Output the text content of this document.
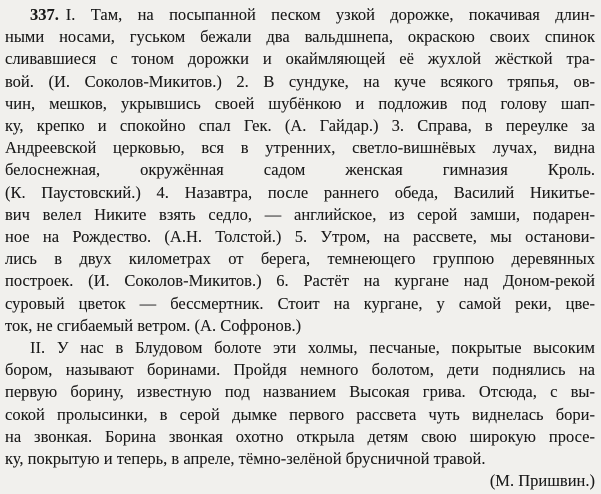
337. I. Там, на посыпанной песком узкой дорожке, покачивая длин-
ными носами, гуськом бежали два вальдшнепа, окраскою своих спинок
сливавшиеся с тоном дорожки и окаймляющей её жухлой жёсткой тра-
вой. (И. Соколов-Микитов.) 2. В сундуке, на куче всякого тряпья, ов-
чин, мешков, укрывшись своей шубёнкою и подложив под голову шап-
ку, крепко и спокойно спал Гек. (А. Гайдар.) 3. Справа, в переулке за
Андреевской церковью, вся в утренних, светло-вишнёвых лучах, видна
белоснежная, окружённая садом женская гимназия Кроль.
(К. Паустовский.) 4. Назавтра, после раннего обеда, Василий Никитье-
вич велел Никите взять седло, — английское, из серой замши, подарен-
ное на Рождество. (А.Н. Толстой.) 5. Утром, на рассвете, мы останови-
лись в двух километрах от берега, темнеющего группою деревянных
построек. (И. Соколов-Микитов.) 6. Растёт на кургане над Доном-рекой
суровый цветок — бессмертник. Стоит на кургане, у самой реки, цве-
ток, не сгибаемый ветром. (А. Софронов.)
II. У нас в Блудовом болоте эти холмы, песчаные, покрытые высоким
бором, называют боринами. Пройдя немного болотом, дети поднялись на
первую борину, известную под названием Высокая грива. Отсюда, с вы-
сокой пролысинки, в серой дымке первого рассвета чуть виднелась бори-
на звонкая. Борина звонкая охотно открыла детям свою широкую просе-
ку, покрытую и теперь, в апреле, тёмно-зелёной брусничной травой.
(М. Пришвин.)
